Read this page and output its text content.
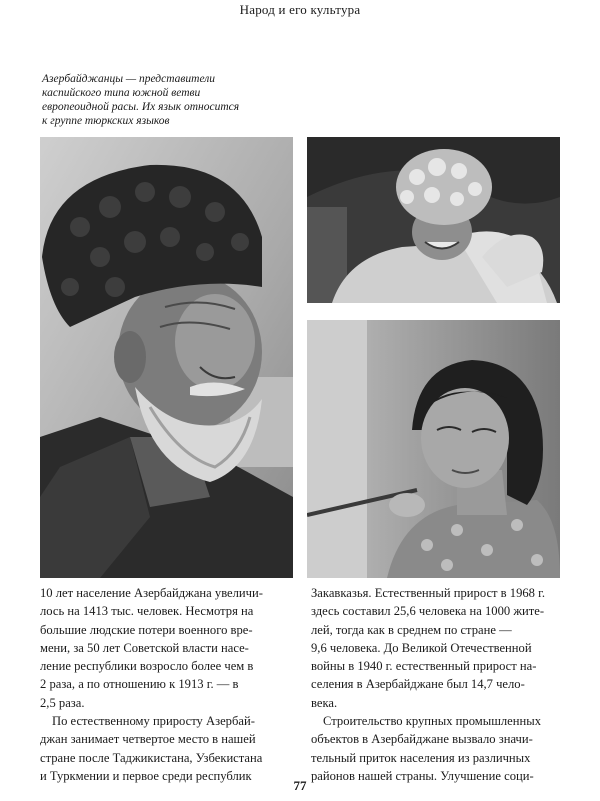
Народ и его культура
Азербайджанцы — представители
каспийского типа южной ветви
европеоидной расы. Их язык относится
к группе тюркских языков
10 лет население Азербайджана увеличи-
лось на 1413 тыс. человек. Несмотря на
большие людские потери военного вре-
мени, за 50 лет Советской власти насе-
ление республики возросло более чем в
2 раза, а по отношению к 1913 г. — в
2,5 раза.
По естественному приросту Азербай-
джан занимает четвертое место в нашей
стране после Таджикистана, Узбекистана
и Туркмении и первое среди республик
Закавказья. Естественный прирост в 1968 г.
здесь составил 25,6 человека на 1000 жите-
лей, тогда как в среднем по стране —
9,6 человека. До Великой Отечественной
войны в 1940 г. естественный прирост на-
селения в Азербайджане был 14,7 чело-
века.
Строительство крупных промышленных
объектов в Азербайджане вызвало значи-
тельный приток населения из различных
районов нашей страны. Улучшение соци-
77
